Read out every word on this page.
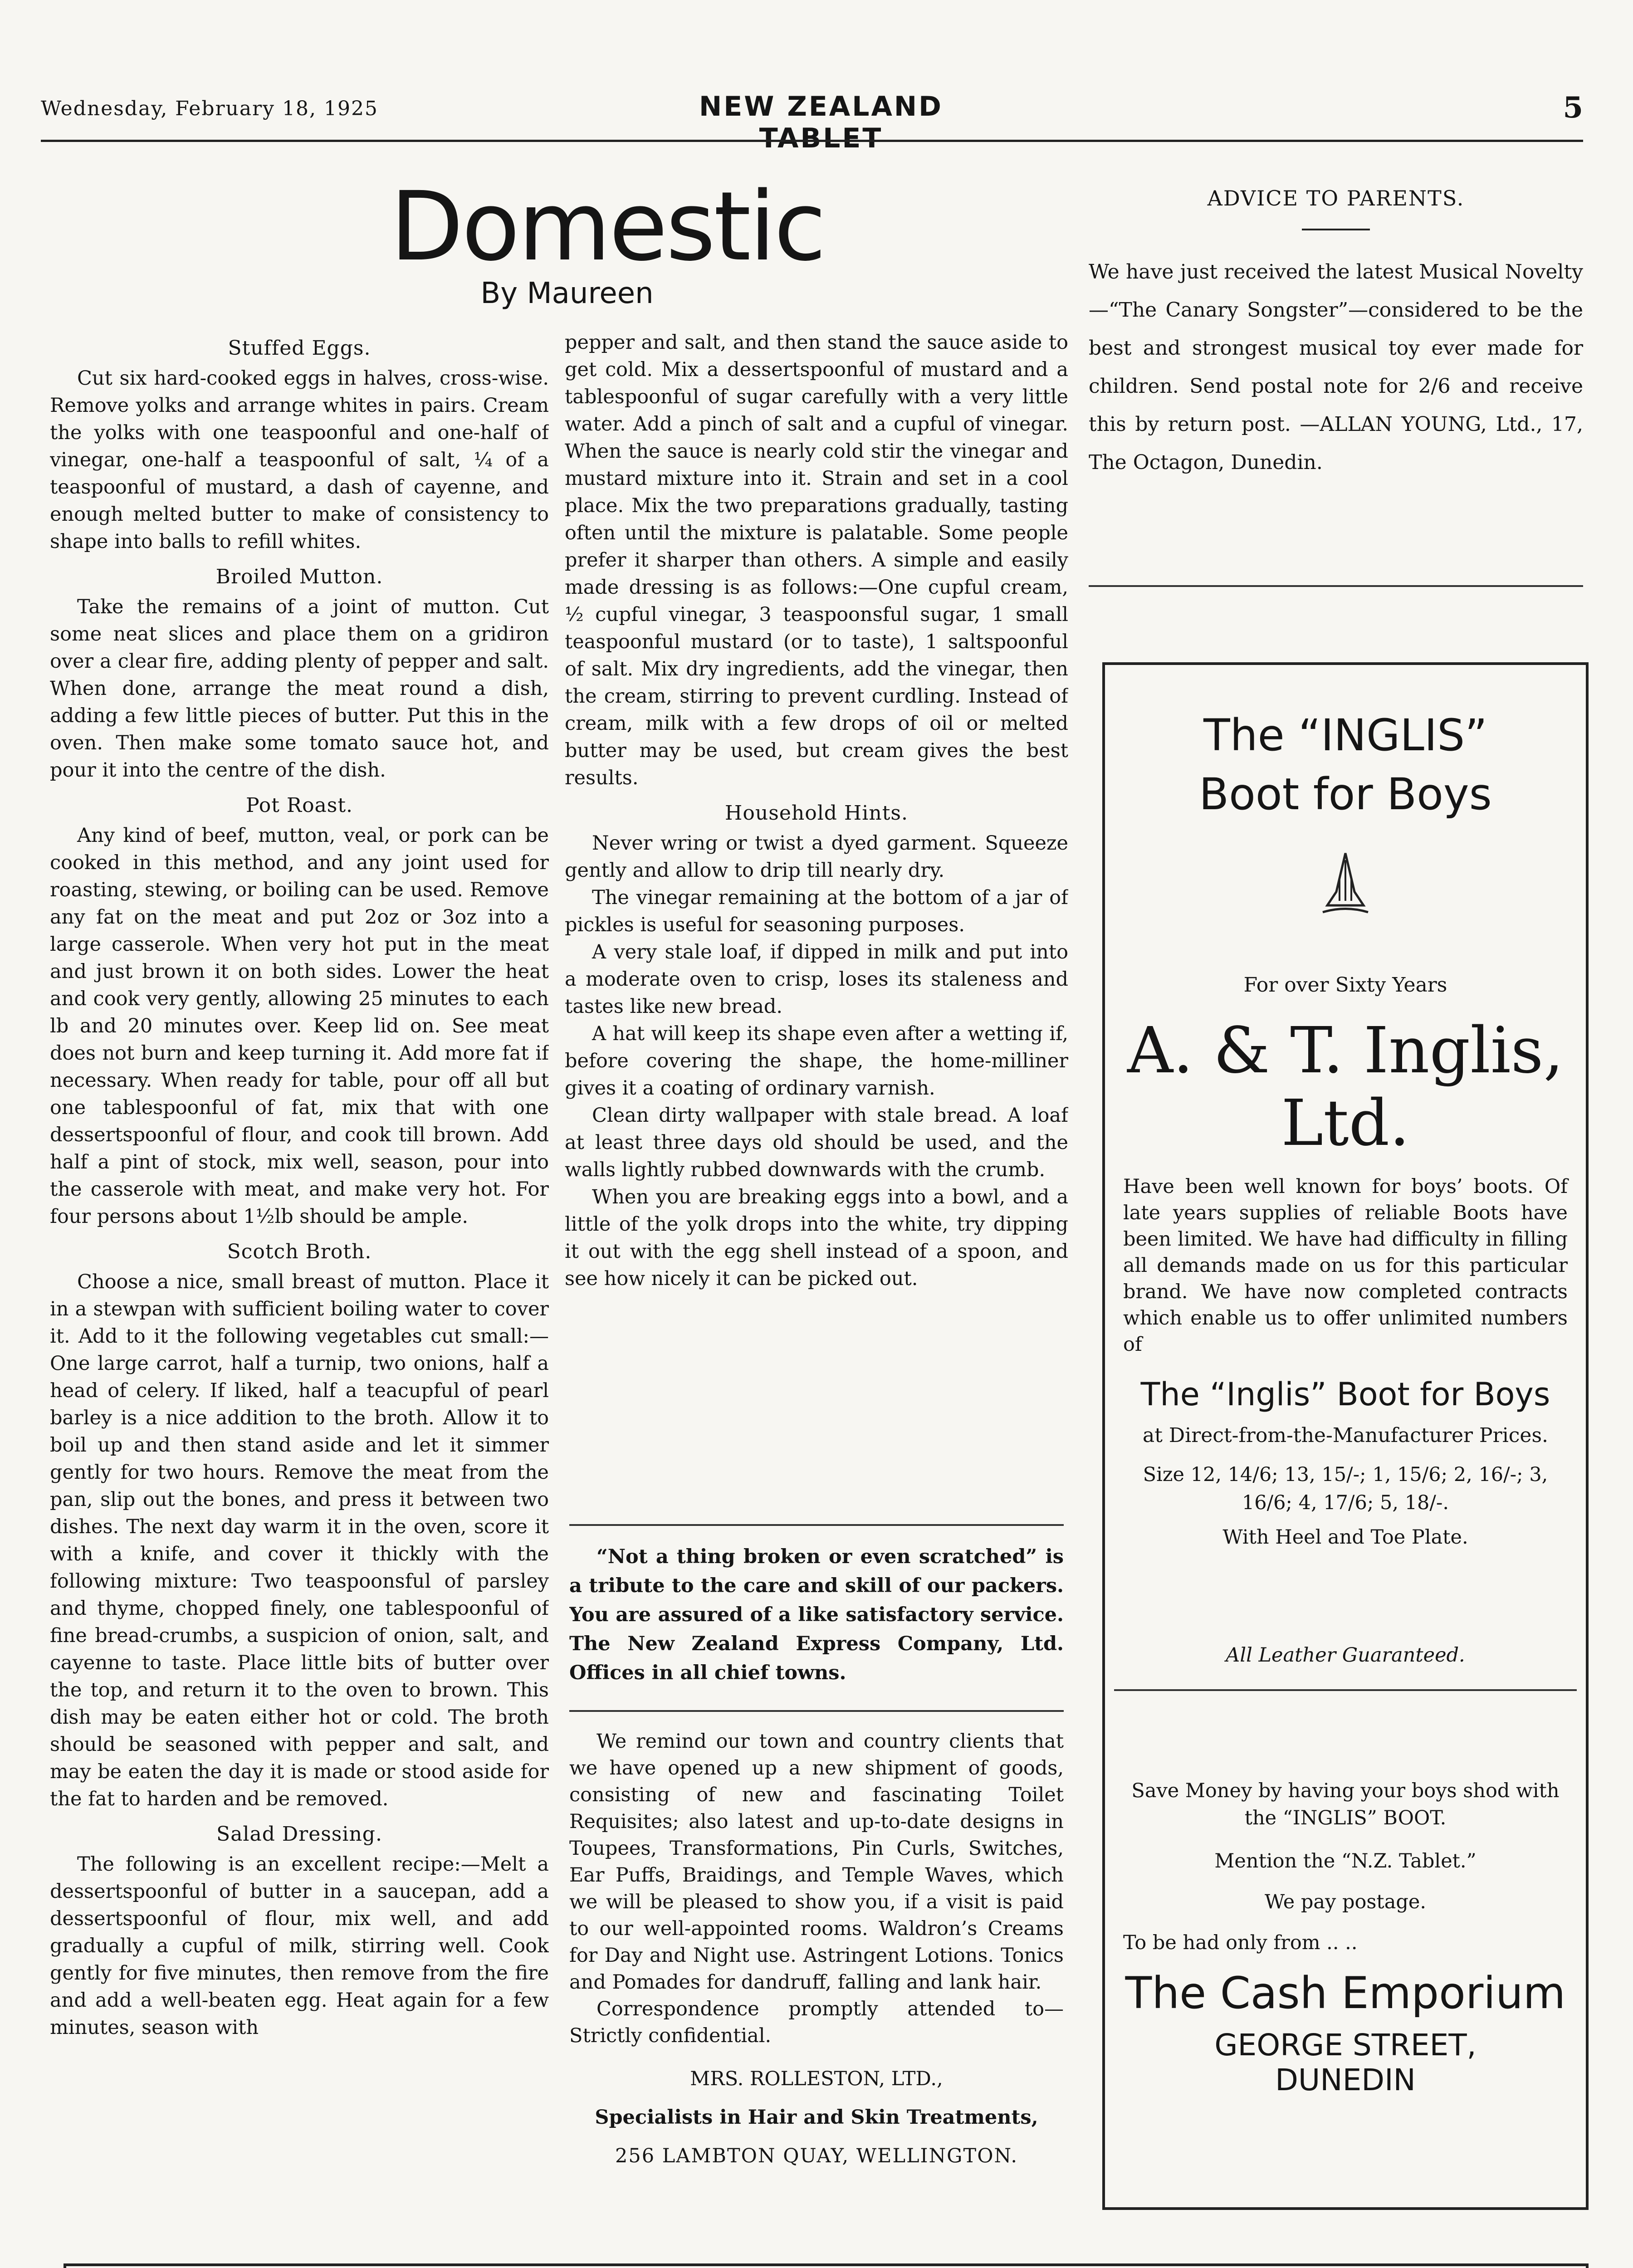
Wednesday, February 18, 1925	NEW ZEALAND TABLET
5
Domestic
By Maureen
Stuffed Eggs.

Cut six hard-cooked eggs in halves, cross-wise. Remove yolks and arrange whites in pairs. Cream the yolks with one teaspoonful and one-half of vinegar, one-half a teaspoonful of salt, ¼ of a teaspoonful of mustard, a dash of cayenne, and enough melted butter to make of consistency to shape into balls to refill whites.

Broiled Mutton.

Take the remains of a joint of mutton. Cut some neat slices and place them on a gridiron over a clear fire, adding plenty of pepper and salt. When done, arrange the meat round a dish, adding a few little pieces of butter. Put this in the oven. Then make some tomato sauce hot, and pour it into the centre of the dish.

Pot Roast.

Any kind of beef, mutton, veal, or pork can be cooked in this method, and any joint used for roasting, stewing, or boiling can be used. Remove any fat on the meat and put 2oz or 3oz into a large casserole. When very hot put in the meat and just brown it on both sides. Lower the heat and cook very gently, allowing 25 minutes to each lb and 20 minutes over. Keep lid on. See meat does not burn and keep turning it. Add more fat if necessary. When ready for table, pour off all but one tablespoonful of fat, mix that with one dessertspoonful of flour, and cook till brown. Add half a pint of stock, mix well, season, pour into the casserole with meat, and make very hot. For four persons about 1½lb should be ample.

Scotch Broth.

Choose a nice, small breast of mutton. Place it in a stewpan with sufficient boiling water to cover it. Add to it the following vegetables cut small:—One large carrot, half a turnip, two onions, half a head of celery. If liked, half a teacupful of pearl barley is a nice addition to the broth. Allow it to boil up and then stand aside and let it simmer gently for two hours. Remove the meat from the pan, slip out the bones, and press it between two dishes. The next day warm it in the oven, score it with a knife, and cover it thickly with the following mixture: Two teaspoonsful of parsley and thyme, chopped finely, one tablespoonful of fine bread-crumbs, a suspicion of onion, salt, and cayenne to taste. Place little bits of butter over the top, and return it to the oven to brown. This dish may be eaten either hot or cold. The broth should be seasoned with pepper and salt, and may be eaten the day it is made or stood aside for the fat to harden and be removed.

Salad Dressing.

The following is an excellent recipe:—Melt a dessertspoonful of butter in a saucepan, add a dessertspoonful of flour, mix well, and add gradually a cupful of milk, stirring well. Cook gently for five minutes, then remove from the fire and add a well-beaten egg. Heat again for a few minutes, season with

pepper and salt, and then stand the sauce aside to get cold. Mix a dessertspoonful of mustard and a tablespoonful of sugar carefully with a very little water. Add a pinch of salt and a cupful of vinegar. When the sauce is nearly cold stir the vinegar and mustard mixture into it. Strain and set in a cool place. Mix the two preparations gradually, tasting often until the mixture is palatable. Some people prefer it sharper than others. A simple and easily made dressing is as follows:—One cupful cream, ½ cupful vinegar, 3 teaspoonsful sugar, 1 small teaspoonful mustard (or to taste), 1 saltspoonful of salt. Mix dry ingredients, add the vinegar, then the cream, stirring to prevent curdling. Instead of cream, milk with a few drops of oil or melted butter may be used, but cream gives the best results.

Household Hints.

Never wring or twist a dyed garment. Squeeze gently and allow to drip till nearly dry.

The vinegar remaining at the bottom of a jar of pickles is useful for seasoning purposes.

A very stale loaf, if dipped in milk and put into a moderate oven to crisp, loses its staleness and tastes like new bread.

A hat will keep its shape even after a wetting if, before covering the shape, the home-milliner gives it a coating of ordinary varnish.

Clean dirty wallpaper with stale bread. A loaf at least three days old should be used, and the walls lightly rubbed downwards with the crumb.

When you are breaking eggs into a bowl, and a little of the yolk drops into the white, try dipping it out with the egg shell instead of a spoon, and see how nicely it can be picked out.

“Not a thing broken or even scratched” is a tribute to the care and skill of our packers. You are assured of a like satisfactory service. The New Zealand Express Company, Ltd. Offices in all chief towns.

We remind our town and country clients that we have opened up a new shipment of goods, consisting of new and fascinating Toilet Requisites; also latest and up-to-date designs in Toupees, Transformations, Pin Curls, Switches, Ear Puffs, Braidings, and Temple Waves, which we will be pleased to show you, if a visit is paid to our well-appointed rooms. Waldron’s Creams for Day and Night use. Astringent Lotions. Tonics and Pomades for dandruff, falling and lank hair.

Correspondence promptly attended to—Strictly confidential.

MRS. ROLLESTON, LTD.,
Specialists in Hair and Skin Treatments,
256 LAMBTON QUAY, WELLINGTON.
ADVICE TO PARENTS.
We have just received the latest Musical Novelty—“The Canary Songster”—considered to be the best and strongest musical toy ever made for children. Send postal note for 2/6 and receive this by return post. —ALLAN YOUNG, Ltd., 17, The Octagon, Dunedin.
The “INGLIS”
Boot for Boys
For over Sixty Years
A. & T. Inglis, Ltd.
Have been well known for boys’ boots. Of late years supplies of reliable Boots have been limited. We have had difficulty in filling all demands made on us for this particular brand. We have now completed contracts which enable us to offer unlimited numbers of
The “Inglis” Boot for Boys
at Direct-from-the-Manufacturer Prices.
Size 12, 14/6; 13, 15/-; 1, 15/6; 2, 16/-; 3, 16/6; 4, 17/6; 5, 18/-.
With Heel and Toe Plate.
All Leather Guaranteed.
Save Money by having your boys shod with the “INGLIS” BOOT.
Mention the “N.Z. Tablet.”
We pay postage.
To be had only from .. ..
The Cash Emporium
GEORGE STREET,
DUNEDIN
